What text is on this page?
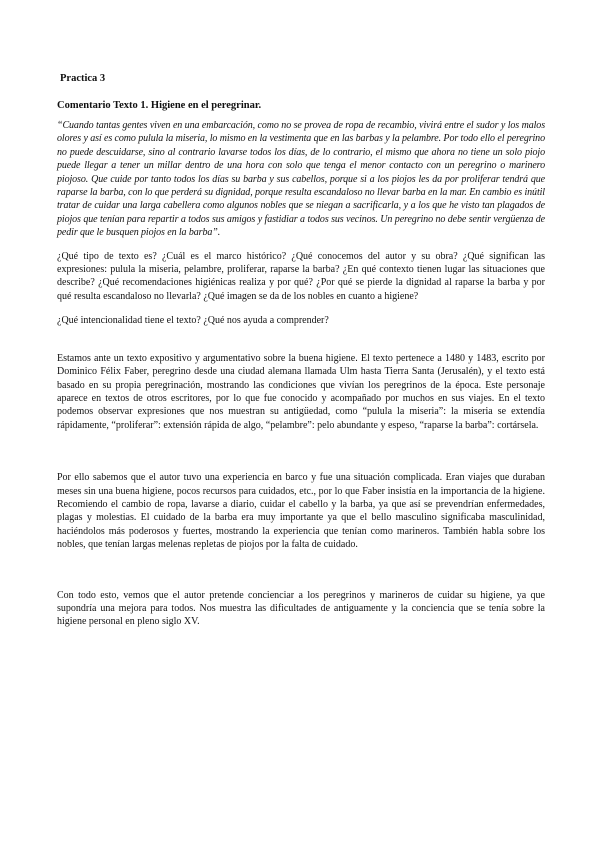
Practica 3

Comentario Texto 1. Higiene en el peregrinar.

“Cuando tantas gentes viven en una embarcación, como no se provea de ropa de recambio, vivirá entre el sudor y los malos olores y así es como pulula la miseria, lo mismo en la vestimenta que en las barbas y la pelambre. Por todo ello el peregrino no puede descuidarse, sino al contrario lavarse todos los días, de lo contrario, el mismo que ahora no tiene un solo piojo puede llegar a tener un millar dentro de una hora con solo que tenga el menor contacto con un peregrino o marinero piojoso. Que cuide por tanto todos los días su barba y sus cabellos, porque si a los piojos les da por proliferar tendrá que raparse la barba, con lo que perderá su dignidad, porque resulta escandaloso no llevar barba en la mar. En cambio es inútil tratar de cuidar una larga cabellera como algunos nobles que se niegan a sacrificarla, y a los que he visto tan plagados de piojos que tenían para repartir a todos sus amigos y fastidiar a todos sus vecinos. Un peregrino no debe sentir vergüenza de pedir que le busquen piojos en la barba”.

¿Qué tipo de texto es? ¿Cuál es el marco histórico? ¿Qué conocemos del autor y su obra? ¿Qué significan las expresiones: pulula la miseria, pelambre, proliferar, raparse la barba? ¿En qué contexto tienen lugar las situaciones que describe? ¿Qué recomendaciones higiénicas realiza y por qué? ¿Por qué se pierde la dignidad al raparse la barba y por qué resulta escandaloso no llevarla? ¿Qué imagen se da de los nobles en cuanto a higiene?

¿Qué intencionalidad tiene el texto? ¿Qué nos ayuda a comprender?

Estamos ante un texto expositivo y argumentativo sobre la buena higiene. El texto pertenece a 1480 y 1483, escrito por Dominico Félix Faber, peregrino desde una ciudad alemana llamada Ulm hasta Tierra Santa (Jerusalén), y el texto está basado en su propia peregrinación, mostrando las condiciones que vivían los peregrinos de la época. Este personaje aparece en textos de otros escritores, por lo que fue conocido y acompañado por muchos en sus viajes. En el texto podemos observar expresiones que nos muestran su antigüedad, como “pulula la miseria”: la miseria se extendía rápidamente, “proliferar”: extensión rápida de algo, “pelambre”: pelo abundante y espeso, “raparse la barba”: cortársela.

Por ello sabemos que el autor tuvo una experiencia en barco y fue una situación complicada. Eran viajes que duraban meses sin una buena higiene, pocos recursos para cuidados, etc., por lo que Faber insistía en la importancia de la higiene. Recomiendo el cambio de ropa, lavarse a diario, cuidar el cabello y la barba, ya que así se prevendrían enfermedades, plagas y molestias. El cuidado de la barba era muy importante ya que el bello masculino significaba masculinidad, haciéndolos más poderosos y fuertes, mostrando la experiencia que tenían como marineros. También habla sobre los nobles, que tenían largas melenas repletas de piojos por la falta de cuidado.

Con todo esto, vemos que el autor pretende concienciar a los peregrinos y marineros de cuidar su higiene, ya que supondría una mejora para todos. Nos muestra las dificultades de antiguamente y la conciencia que se tenía sobre la higiene personal en pleno siglo XV.
